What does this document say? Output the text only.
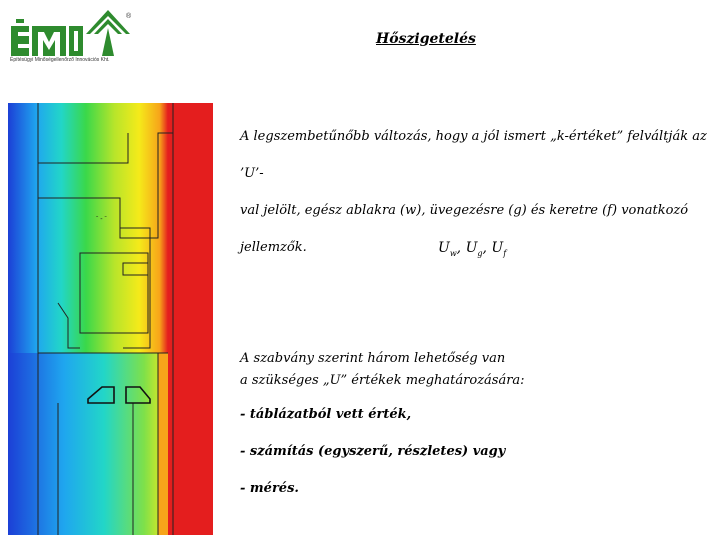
®
Építésügyi Minőségellenőrző Innovációs Kht.
Hőszigetelés
ˉ - ˉ
A legszembetűnőbb változás, hogy a jól ismert „k-értéket” felváltják az ’U’-
val jelölt, egész ablakra (w), üvegezésre (g) és keretre (f) vonatkozó
jellemzők.	$U_w$, $U_g$, $U_f$
A szabvány szerint három lehetőség van
a szükséges „U” értékek meghatározására:
- táblázatból vett érték,
- számítás (egyszerű, részletes) vagy
- mérés.
